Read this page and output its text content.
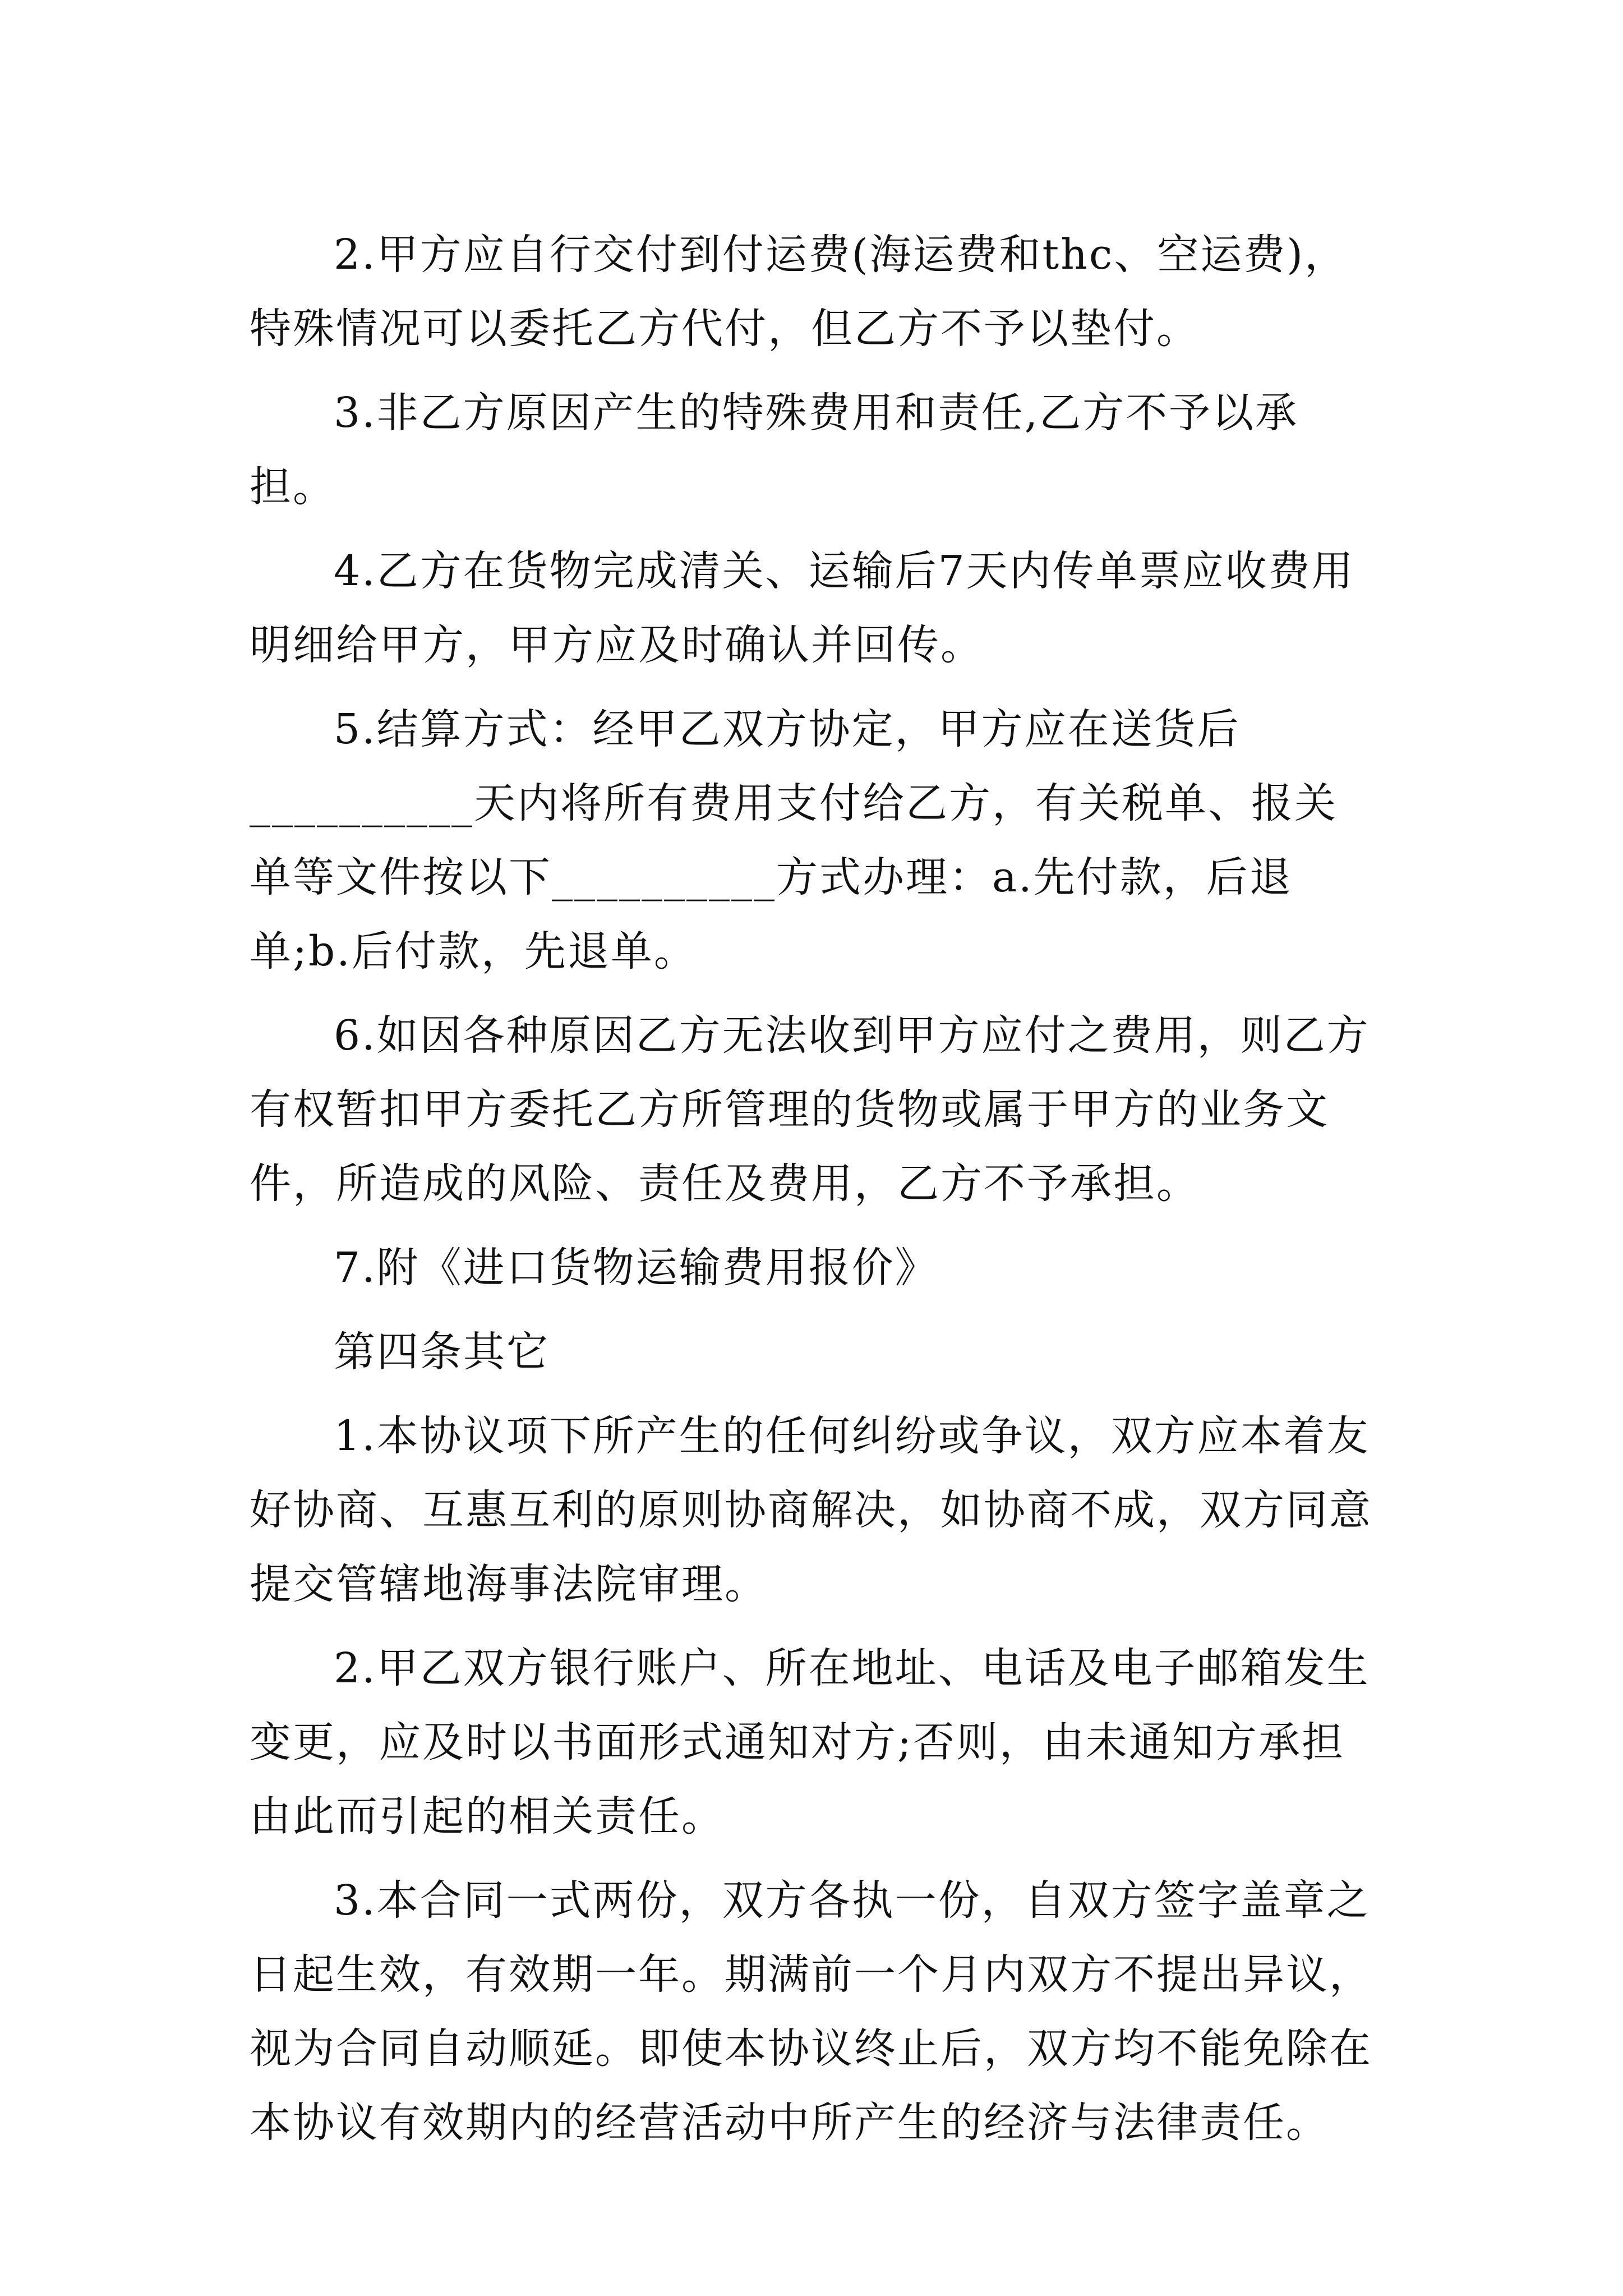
2.甲方应自行交付到付运费(海运费和thc、空运费)，特殊情况可以委托乙方代付，但乙方不予以垫付。

3.非乙方原因产生的特殊费用和责任,乙方不予以承担。

4.乙方在货物完成清关、运输后7天内传单票应收费用明细给甲方，甲方应及时确认并回传。

5.结算方式：经甲乙双方协定，甲方应在送货后__________天内将所有费用支付给乙方，有关税单、报关单等文件按以下__________方式办理：a.先付款，后退单;b.后付款，先退单。

6.如因各种原因乙方无法收到甲方应付之费用，则乙方有权暂扣甲方委托乙方所管理的货物或属于甲方的业务文件，所造成的风险、责任及费用，乙方不予承担。

7.附《进口货物运输费用报价》

第四条其它

1.本协议项下所产生的任何纠纷或争议，双方应本着友好协商、互惠互利的原则协商解决，如协商不成，双方同意提交管辖地海事法院审理。

2.甲乙双方银行账户、所在地址、电话及电子邮箱发生变更，应及时以书面形式通知对方;否则，由未通知方承担由此而引起的相关责任。

3.本合同一式两份，双方各执一份，自双方签字盖章之日起生效，有效期一年。期满前一个月内双方不提出异议，视为合同自动顺延。即使本协议终止后，双方均不能免除在本协议有效期内的经营活动中所产生的经济与法律责任。
